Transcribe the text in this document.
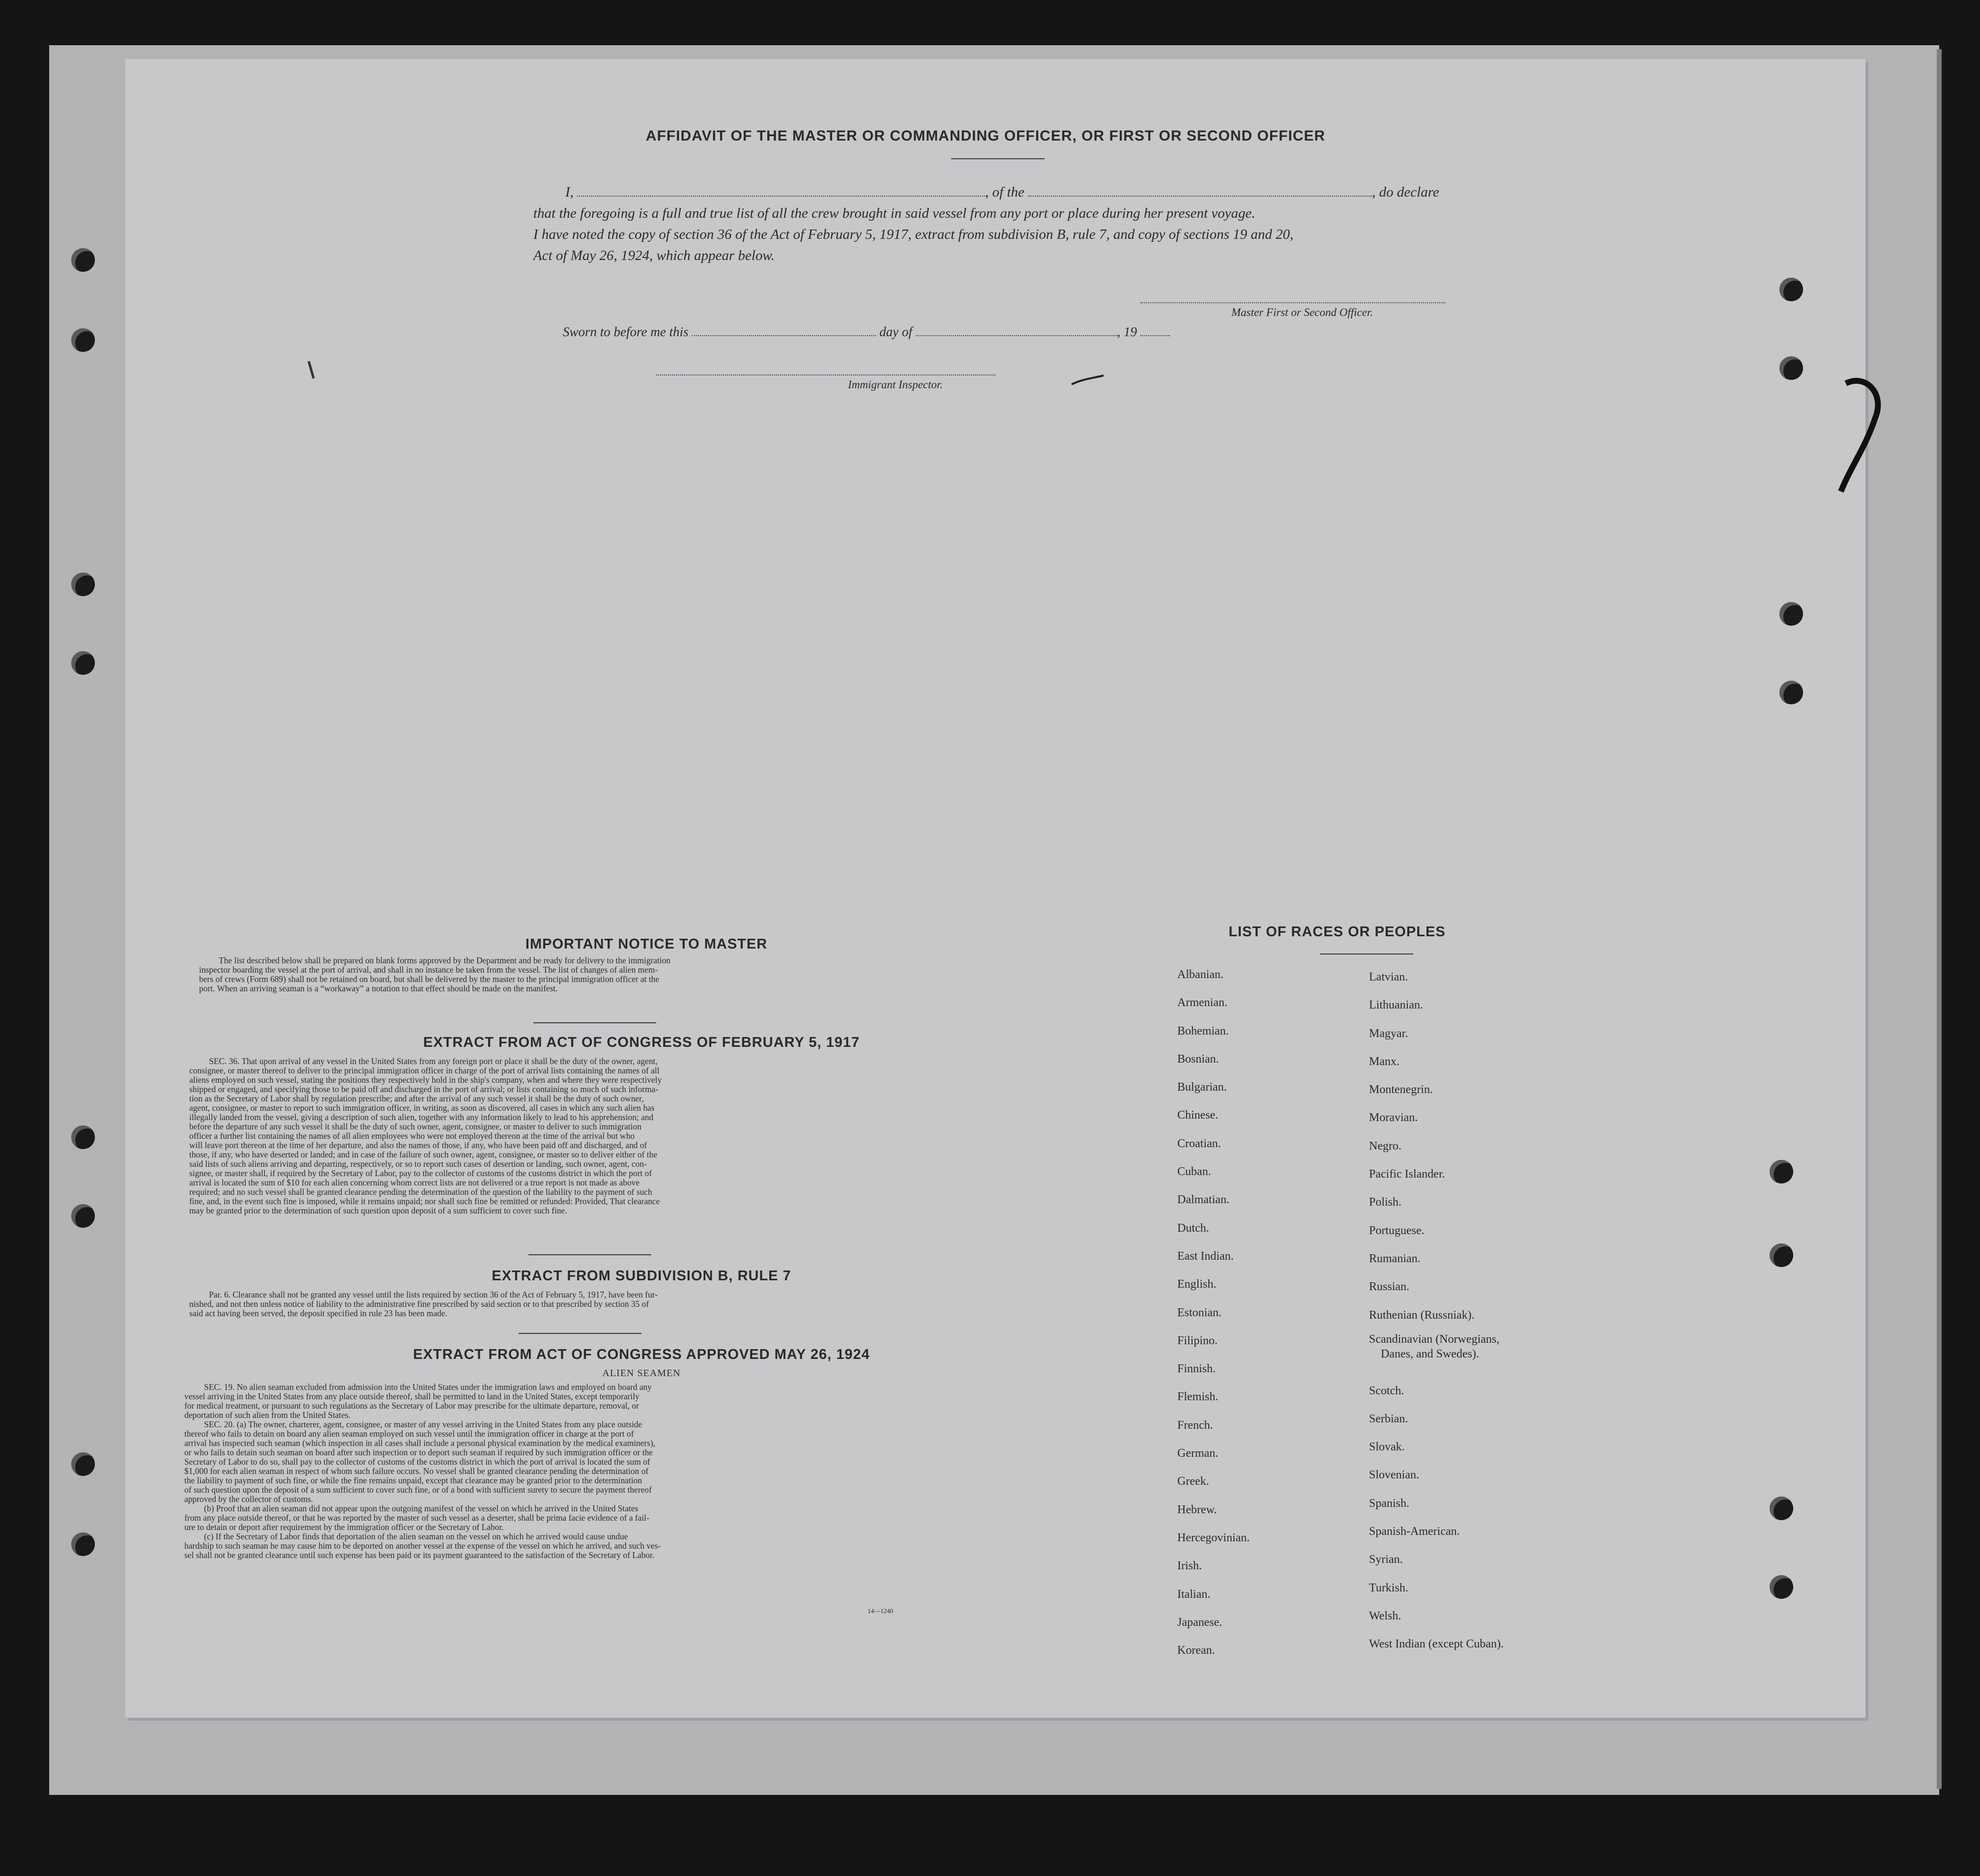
AFFIDAVIT OF THE MASTER OR COMMANDING OFFICER, OR FIRST OR SECOND OFFICER
I,	, of the	, do declare
that the foregoing is a full and true list of all the crew brought in said vessel from any port or place during her present voyage.
I have noted the copy of section 36 of the Act of February 5, 1917, extract from subdivision B, rule 7, and copy of sections 19 and 20,
Act of May 26, 1924, which appear below.
Master First or Second Officer.
Sworn to before me this	day of	, 19
Immigrant Inspector.
IMPORTANT NOTICE TO MASTER
The list described below shall be prepared on blank forms approved by the Department and be ready for delivery to the immigration
inspector boarding the vessel at the port of arrival, and shall in no instance be taken from the vessel. The list of changes of alien mem-
bers of crews (Form 689) shall not be retained on board, but shall be delivered by the master to the principal immigration officer at the
port. When an arriving seaman is a “workaway” a notation to that effect should be made on the manifest.
EXTRACT FROM ACT OF CONGRESS OF FEBRUARY 5, 1917
SEC. 36. That upon arrival of any vessel in the United States from any foreign port or place it shall be the duty of the owner, agent,
consignee, or master thereof to deliver to the principal immigration officer in charge of the port of arrival lists containing the names of all
aliens employed on such vessel, stating the positions they respectively hold in the ship's company, when and where they were respectively
shipped or engaged, and specifying those to be paid off and discharged in the port of arrival; or lists containing so much of such informa-
tion as the Secretary of Labor shall by regulation prescribe; and after the arrival of any such vessel it shall be the duty of such owner,
agent, consignee, or master to report to such immigration officer, in writing, as soon as discovered, all cases in which any such alien has
illegally landed from the vessel, giving a description of such alien, together with any information likely to lead to his apprehension; and
before the departure of any such vessel it shall be the duty of such owner, agent, consignee, or master to deliver to such immigration
officer a further list containing the names of all alien employees who were not employed thereon at the time of the arrival but who
will leave port thereon at the time of her departure, and also the names of those, if any, who have been paid off and discharged, and of
those, if any, who have deserted or landed; and in case of the failure of such owner, agent, consignee, or master so to deliver either of the
said lists of such aliens arriving and departing, respectively, or so to report such cases of desertion or landing, such owner, agent, con-
signee, or master shall, if required by the Secretary of Labor, pay to the collector of customs of the customs district in which the port of
arrival is located the sum of $10 for each alien concerning whom correct lists are not delivered or a true report is not made as above
required; and no such vessel shall be granted clearance pending the determination of the question of the liability to the payment of such
fine, and, in the event such fine is imposed, while it remains unpaid; nor shall such fine be remitted or refunded: Provided, That clearance
may be granted prior to the determination of such question upon deposit of a sum sufficient to cover such fine.
EXTRACT FROM SUBDIVISION B, RULE 7
Par. 6. Clearance shall not be granted any vessel until the lists required by section 36 of the Act of February 5, 1917, have been fur-
nished, and not then unless notice of liability to the administrative fine prescribed by said section or to that prescribed by section 35 of
said act having been served, the deposit specified in rule 23 has been made.
EXTRACT FROM ACT OF CONGRESS APPROVED MAY 26, 1924
ALIEN SEAMEN
SEC. 19. No alien seaman excluded from admission into the United States under the immigration laws and employed on board any
vessel arriving in the United States from any place outside thereof, shall be permitted to land in the United States, except temporarily
for medical treatment, or pursuant to such regulations as the Secretary of Labor may prescribe for the ultimate departure, removal, or
deportation of such alien from the United States.
SEC. 20. (a) The owner, charterer, agent, consignee, or master of any vessel arriving in the United States from any place outside
thereof who fails to detain on board any alien seaman employed on such vessel until the immigration officer in charge at the port of
arrival has inspected such seaman (which inspection in all cases shall include a personal physical examination by the medical examiners),
or who fails to detain such seaman on board after such inspection or to deport such seaman if required by such immigration officer or the
Secretary of Labor to do so, shall pay to the collector of customs of the customs district in which the port of arrival is located the sum of
$1,000 for each alien seaman in respect of whom such failure occurs. No vessel shall be granted clearance pending the determination of
the liability to payment of such fine, or while the fine remains unpaid, except that clearance may be granted prior to the determination
of such question upon the deposit of a sum sufficient to cover such fine, or of a bond with sufficient surety to secure the payment thereof
approved by the collector of customs.
(b) Proof that an alien seaman did not appear upon the outgoing manifest of the vessel on which he arrived in the United States
from any place outside thereof, or that he was reported by the master of such vessel as a deserter, shall be prima facie evidence of a fail-
ure to detain or deport after requirement by the immigration officer or the Secretary of Labor.
(c) If the Secretary of Labor finds that deportation of the alien seaman on the vessel on which he arrived would cause undue
hardship to such seaman he may cause him to be deported on another vessel at the expense of the vessel on which he arrived, and such ves-
sel shall not be granted clearance until such expense has been paid or its payment guaranteed to the satisfaction of the Secretary of Labor.
14—1240
LIST OF RACES OR PEOPLES
Albanian.
Armenian.
Bohemian.
Bosnian.
Bulgarian.
Chinese.
Croatian.
Cuban.
Dalmatian.
Dutch.
East Indian.
English.
Estonian.
Filipino.
Finnish.
Flemish.
French.
German.
Greek.
Hebrew.
Hercegovinian.
Irish.
Italian.
Japanese.
Korean.
Latvian.
Lithuanian.
Magyar.
Manx.
Montenegrin.
Moravian.
Negro.
Pacific Islander.
Polish.
Portuguese.
Rumanian.
Russian.
Ruthenian (Russniak).
Scandinavian (Norwegians,
Danes, and Swedes).
Scotch.
Serbian.
Slovak.
Slovenian.
Spanish.
Spanish-American.
Syrian.
Turkish.
Welsh.
West Indian (except Cuban).
